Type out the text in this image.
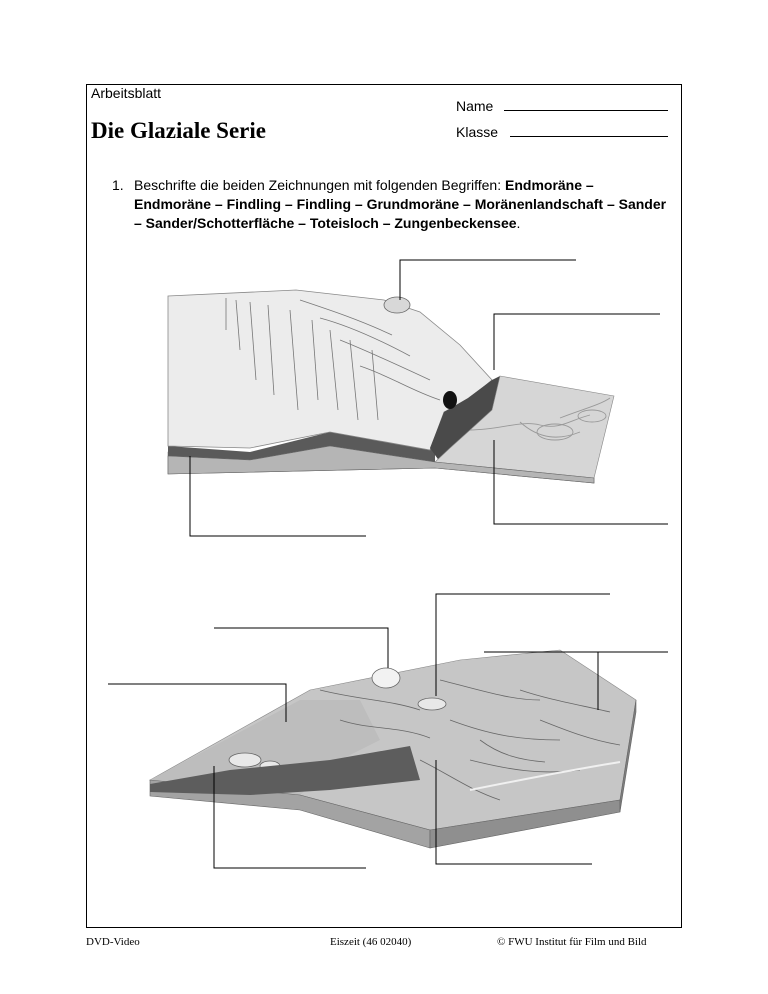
Arbeitsblatt
Die Glaziale Serie
Name
Klasse
1. Beschrifte die beiden Zeichnungen mit folgenden Begriffen: Endmoräne – Endmoräne – Findling – Findling – Grundmoräne – Moränenlandschaft – Sander – Sander/Schotterfläche – Toteisloch – Zungenbeckensee.
DVD-Video	Eiszeit (46 02040)	© FWU Institut für Film und Bild
